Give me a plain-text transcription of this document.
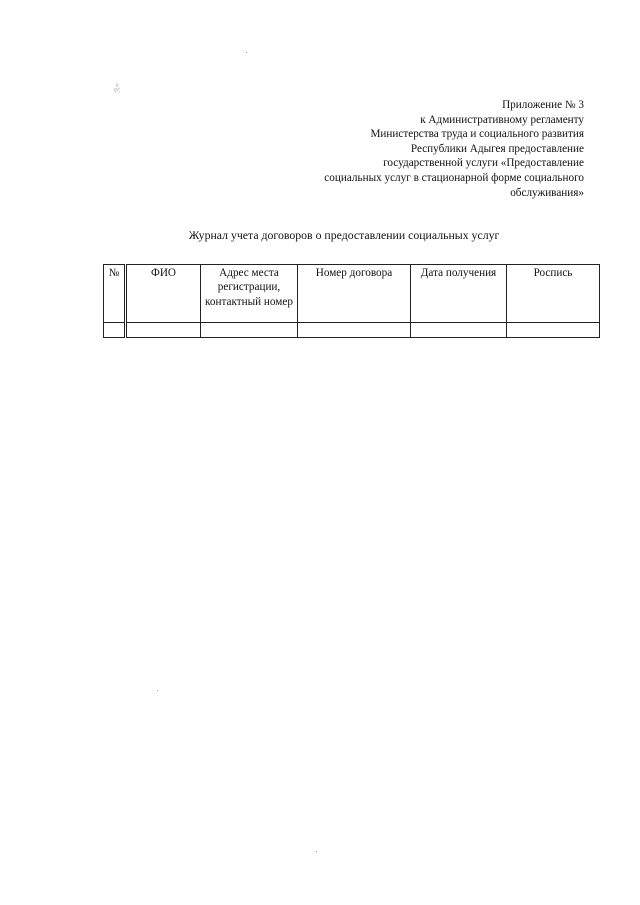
ℛ≈
Приложение № 3
к Административному регламенту
Министерства труда и социального развития
Республики Адыгея предоставление
государственной услуги «Предоставление
социальных услуг в стационарной форме социального
обслуживания»
Журнал учета договоров о предоставлении социальных услуг
№	ФИО	Адрес места регистрации, контактный номер	Номер договора	Дата получения	Роспись
